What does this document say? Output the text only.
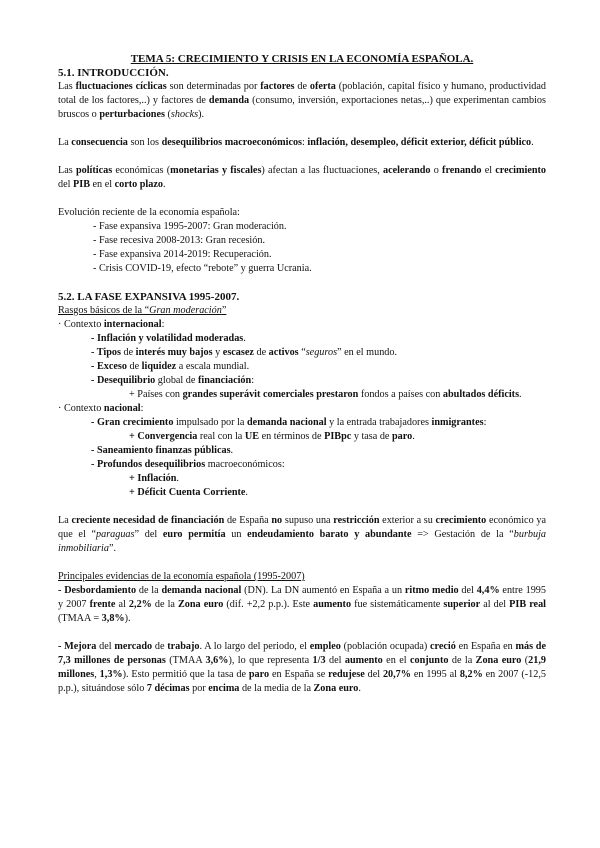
TEMA 5: CRECIMIENTO Y CRISIS EN LA ECONOMÍA ESPAÑOLA.

5.1. INTRODUCCIÓN.

Las fluctuaciones cíclicas son determinadas por factores de oferta (población, capital físico y humano, productividad total de los factores,..) y factores de demanda (consumo, inversión, exportaciones netas,..) que experimentan cambios bruscos o perturbaciones (shocks).

La consecuencia son los desequilibrios macroeconómicos: inflación, desempleo, déficit exterior, déficit público.

Las políticas económicas (monetarias y fiscales) afectan a las fluctuaciones, acelerando o frenando el crecimiento del PIB en el corto plazo.

Evolución reciente de la economía española:

- Fase expansiva 1995-2007: Gran moderación.
- Fase recesiva 2008-2013: Gran recesión.
- Fase expansiva 2014-2019: Recuperación.
- Crisis COVID-19, efecto “rebote” y guerra Ucrania.

5.2. LA FASE EXPANSIVA 1995-2007.

Rasgos básicos de la “Gran moderación”

· Contexto internacional:

- Inflación y volatilidad moderadas.

- Tipos de interés muy bajos y escasez de activos “seguros” en el mundo.

- Exceso de liquidez a escala mundial.

- Desequilibrio global de financiación:

+ Países con grandes superávit comerciales prestaron fondos a países con abultados déficits.

· Contexto nacional:

- Gran crecimiento impulsado por la demanda nacional y la entrada trabajadores inmigrantes:

+ Convergencia real con la UE en términos de PIBpc y tasa de paro.

- Saneamiento finanzas públicas.

- Profundos desequilibrios macroeconómicos:

+ Inflación.

+ Déficit Cuenta Corriente.

La creciente necesidad de financiación de España no supuso una restricción exterior a su crecimiento económico ya que el “paraguas” del euro permitía un endeudamiento barato y abundante => Gestación de la “burbuja inmobiliaria”.

Principales evidencias de la economía española (1995-2007)

- Desbordamiento de la demanda nacional (DN). La DN aumentó en España a un ritmo medio del 4,4% entre 1995 y 2007 frente al 2,2% de la Zona euro (dif. +2,2 p.p.). Este aumento fue sistemáticamente superior al del PIB real (TMAA = 3,8%).

- Mejora del mercado de trabajo. A lo largo del periodo, el empleo (población ocupada) creció en España en más de 7,3 millones de personas (TMAA 3,6%), lo que representa 1/3 del aumento en el conjunto de la Zona euro (21,9 millones, 1,3%). Esto permitió que la tasa de paro en España se redujese del 20,7% en 1995 al 8,2% en 2007 (-12,5 p.p.), situándose sólo 7 décimas por encima de la media de la Zona euro.
